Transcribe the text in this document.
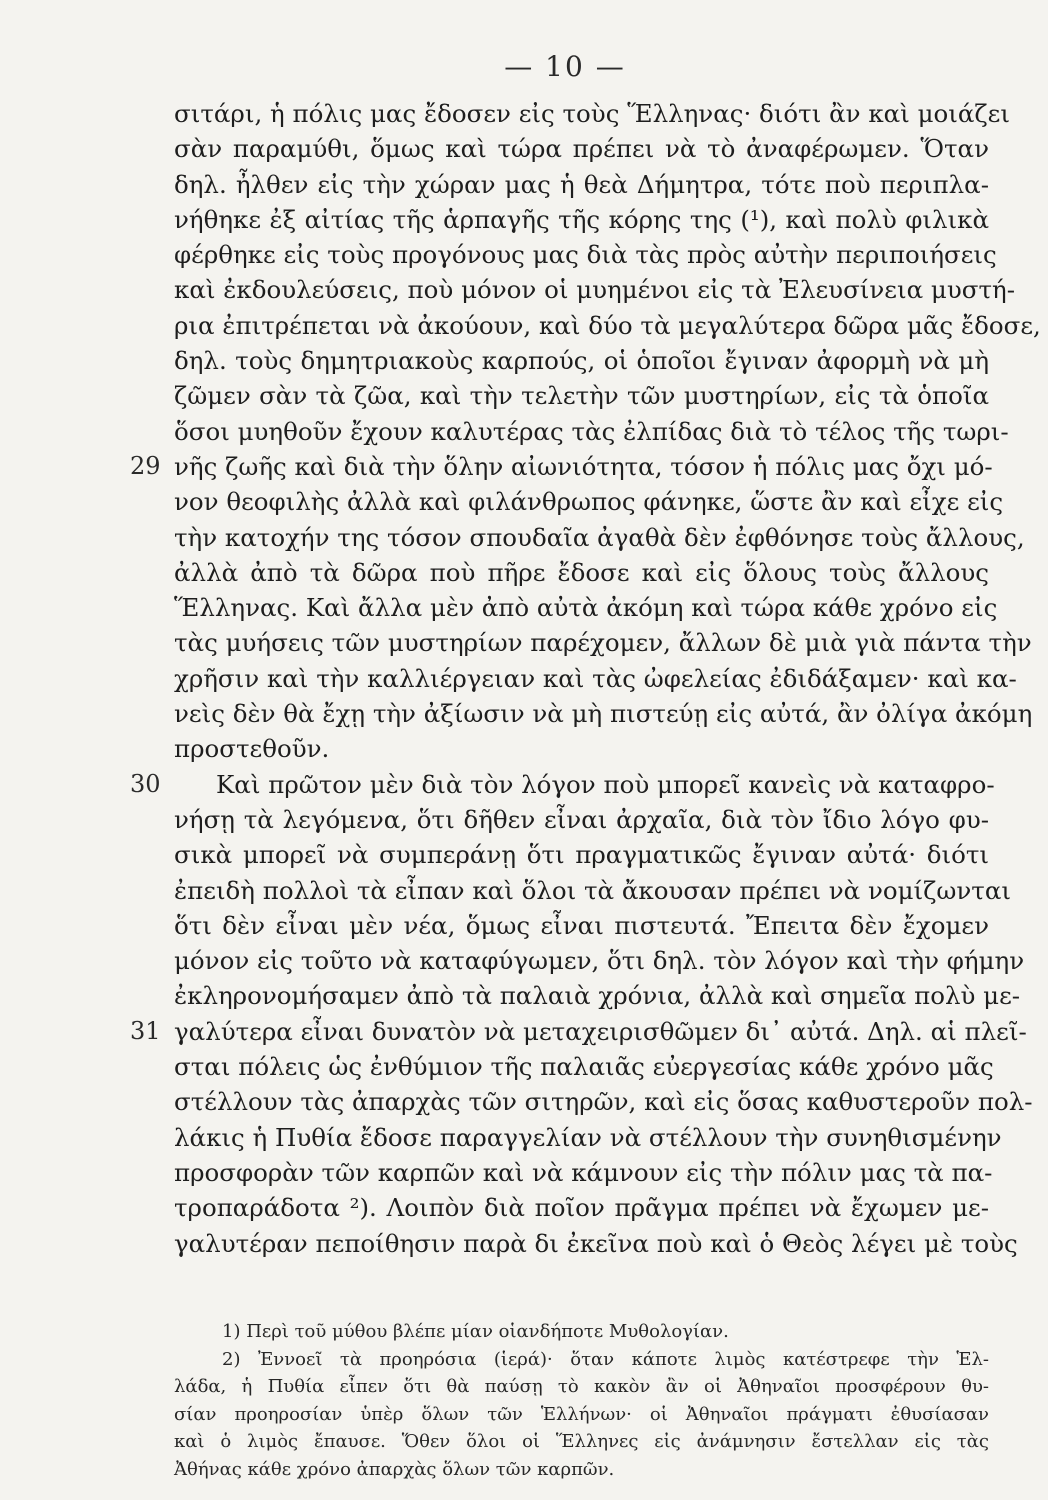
— 10 —
σιτάρι, ἡ πόλις μας ἔδοσεν εἰς τοὺς Ἕλληνας· διότι ἂν καὶ μοιάζει
σὰν παραμύθι, ὅμως καὶ τώρα πρέπει νὰ τὸ ἀναφέρωμεν. Ὅταν
δηλ. ἦλθεν εἰς τὴν χώραν μας ἡ θεὰ Δήμητρα, τότε ποὺ περιπλα-
νήθηκε ἐξ αἰτίας τῆς ἁρπαγῆς τῆς κόρης της (¹), καὶ πολὺ φιλικὰ
φέρθηκε εἰς τοὺς προγόνους μας διὰ τὰς πρὸς αὐτὴν περιποιήσεις
καὶ ἐκδουλεύσεις, ποὺ μόνον οἱ μυημένοι εἰς τὰ Ἐλευσίνεια μυστή-
ρια ἐπιτρέπεται νὰ ἀκούουν, καὶ δύο τὰ μεγαλύτερα δῶρα μᾶς ἔδοσε,
δηλ. τοὺς δημητριακοὺς καρπούς, οἱ ὁποῖοι ἔγιναν ἀφορμὴ νὰ μὴ
ζῶμεν σὰν τὰ ζῶα, καὶ τὴν τελετὴν τῶν μυστηρίων, εἰς τὰ ὁποῖα
ὅσοι μυηθοῦν ἔχουν καλυτέρας τὰς ἐλπίδας διὰ τὸ τέλος τῆς τωρι-
νῆς ζωῆς καὶ διὰ τὴν ὅλην αἰωνιότητα, τόσον ἡ πόλις μας ὄχι μό-
29
νον θεοφιλὴς ἀλλὰ καὶ φιλάνθρωπος φάνηκε, ὥστε ἂν καὶ εἶχε εἰς
τὴν κατοχήν της τόσον σπουδαῖα ἀγαθὰ δὲν ἐφθόνησε τοὺς ἄλλους,
ἀλλὰ ἀπὸ τὰ δῶρα ποὺ πῆρε ἔδοσε καὶ εἰς ὅλους τοὺς ἄλλους
Ἕλληνας. Καὶ ἄλλα μὲν ἀπὸ αὐτὰ ἀκόμη καὶ τώρα κάθε χρόνο εἰς
τὰς μυήσεις τῶν μυστηρίων παρέχομεν, ἄλλων δὲ μιὰ γιὰ πάντα τὴν
χρῆσιν καὶ τὴν καλλιέργειαν καὶ τὰς ὠφελείας ἐδιδάξαμεν· καὶ κα-
νεὶς δὲν θὰ ἔχῃ τὴν ἀξίωσιν νὰ μὴ πιστεύῃ εἰς αὐτά, ἂν ὀλίγα ἀκόμη
προστεθοῦν.
Καὶ πρῶτον μὲν διὰ τὸν λόγον ποὺ μπορεῖ κανεὶς νὰ καταφρο-
30
νήσῃ τὰ λεγόμενα, ὅτι δῆθεν εἶναι ἀρχαῖα, διὰ τὸν ἴδιο λόγο φυ-
σικὰ μπορεῖ νὰ συμπεράνῃ ὅτι πραγματικῶς ἔγιναν αὐτά· διότι
ἐπειδὴ πολλοὶ τὰ εἶπαν καὶ ὅλοι τὰ ἄκουσαν πρέπει νὰ νομίζωνται
ὅτι δὲν εἶναι μὲν νέα, ὅμως εἶναι πιστευτά. Ἔπειτα δὲν ἔχομεν
μόνον εἰς τοῦτο νὰ καταφύγωμεν, ὅτι δηλ. τὸν λόγον καὶ τὴν φήμην
ἐκληρονομήσαμεν ἀπὸ τὰ παλαιὰ χρόνια, ἀλλὰ καὶ σημεῖα πολὺ με-
γαλύτερα εἶναι δυνατὸν νὰ μεταχειρισθῶμεν δι᾽ αὐτά. Δηλ. αἱ πλεῖ-
31
σται πόλεις ὡς ἐνθύμιον τῆς παλαιᾶς εὐεργεσίας κάθε χρόνο μᾶς
στέλλουν τὰς ἀπαρχὰς τῶν σιτηρῶν, καὶ εἰς ὅσας καθυστεροῦν πολ-
λάκις ἡ Πυθία ἔδοσε παραγγελίαν νὰ στέλλουν τὴν συνηθισμένην
προσφορὰν τῶν καρπῶν καὶ νὰ κάμνουν εἰς τὴν πόλιν μας τὰ πα-
τροπαράδοτα ²). Λοιπὸν διὰ ποῖον πρᾶγμα πρέπει νὰ ἔχωμεν με-
γαλυτέραν πεποίθησιν παρὰ δι ἐκεῖνα ποὺ καὶ ὁ Θεὸς λέγει μὲ τοὺς
1) Περὶ τοῦ μύθου βλέπε μίαν οἱανδήποτε Μυθολογίαν.
2) Ἐννοεῖ τὰ προηρόσια (ἱερά)· ὅταν κάποτε λιμὸς κατέστρεφε τὴν Ἑλ-
λάδα, ἡ Πυθία εἶπεν ὅτι θὰ παύσῃ τὸ κακὸν ἂν οἱ Ἀθηναῖοι προσφέρουν θυ-
σίαν προηροσίαν ὑπὲρ ὅλων τῶν Ἑλλήνων· οἱ Ἀθηναῖοι πράγματι ἐθυσίασαν
καὶ ὁ λιμὸς ἔπαυσε. Ὅθεν ὅλοι οἱ Ἕλληνες εἰς ἀνάμνησιν ἔστελλαν εἰς τὰς
Ἀθήνας κάθε χρόνο ἀπαρχὰς ὅλων τῶν καρπῶν.
